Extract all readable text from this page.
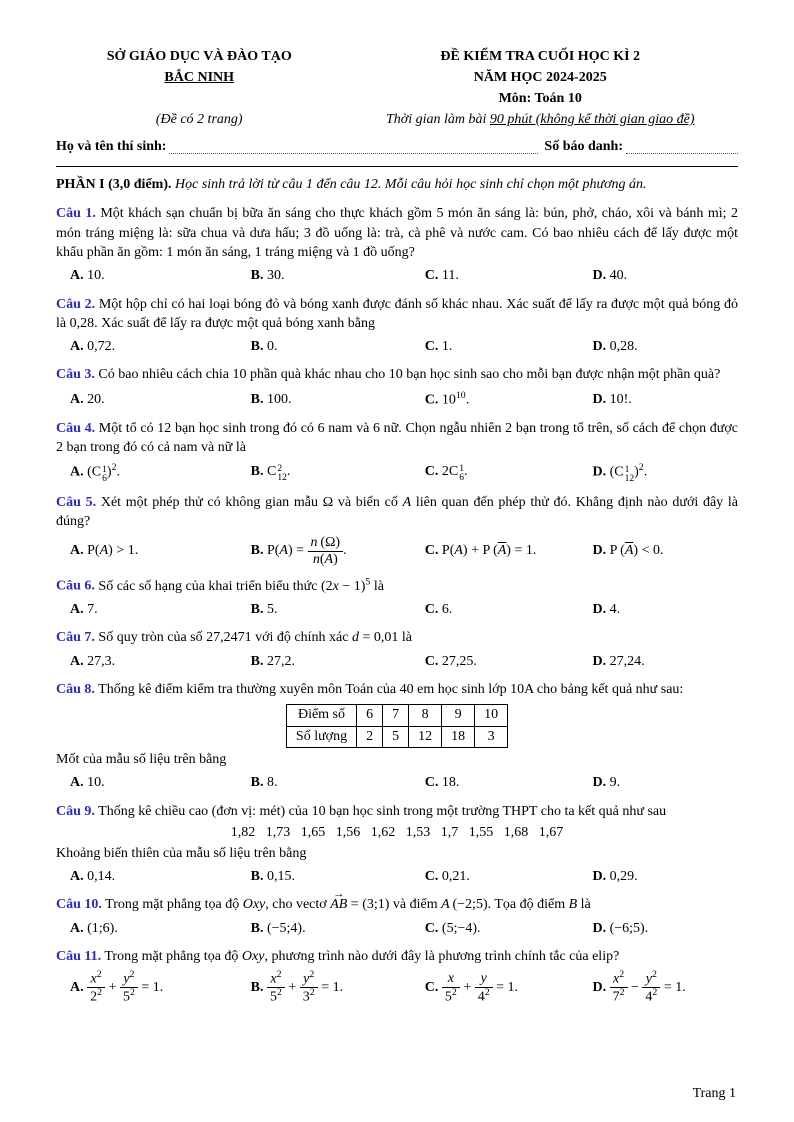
SỞ GIÁO DỤC VÀ ĐÀO TẠO
BẮC NINH
(Đề có 2 trang)
ĐỀ KIỂM TRA CUỐI HỌC KÌ 2
NĂM HỌC 2024-2025
Môn: Toán 10
Thời gian làm bài 90 phút (không kể thời gian giao đề)
Họ và tên thí sinh:	Số báo danh:

PHẦN I (3,0 điểm). Học sinh trả lời từ câu 1 đến câu 12. Mỗi câu hỏi học sinh chỉ chọn một phương án.

Câu 1. Một khách sạn chuẩn bị bữa ăn sáng cho thực khách gồm 5 món ăn sáng là: bún, phở, cháo, xôi và bánh mì; 2 món tráng miệng là: sữa chua và dưa hấu; 3 đồ uống là: trà, cà phê và nước cam. Có bao nhiêu cách để lấy được một khẩu phần ăn gồm: 1 món ăn sáng, 1 tráng miệng và 1 đồ uống?

A. 10.	B. 30.	C. 11.	D. 40.

Câu 2. Một hộp chỉ có hai loại bóng đỏ và bóng xanh được đánh số khác nhau. Xác suất để lấy ra được một quả bóng đỏ là 0,28. Xác suất để lấy ra được một quả bóng xanh bằng

A. 0,72.	B. 0.	C. 1.	D. 0,28.

Câu 3. Có bao nhiêu cách chia 10 phần quà khác nhau cho 10 bạn học sinh sao cho mỗi bạn được nhận một phần quà?

A. 20.	B. 100.	C. $10^{10}$.	D. 10!.

Câu 4. Một tổ có 12 bạn học sinh trong đó có 6 nam và 6 nữ. Chọn ngẫu nhiên 2 bạn trong tổ trên, số cách để chọn được 2 bạn trong đó có cả nam và nữ là

A. (C 1
6 )$^2$.	B. C 2
12 .	C. 2C 1
6 .	D. (C 1
12 )$^2$.

Câu 5. Xét một phép thử có không gian mẫu Ω và biến cố A liên quan đến phép thử đó. Khẳng định nào dưới đây là đúng?

A. P(A) > 1.	B. $P(A) = \frac{n (\Omega)}{n(A)}$ .	C. P(A) + P $(\overline{A}) = 1$.	D. P $(\overline{A}) < 0$.

Câu 6. Số các số hạng của khai triển biểu thức $(2x - 1)^5$ là

A. 7.	B. 5.	C. 6.	D. 4.

Câu 7. Số quy tròn của số 27,2471 với độ chính xác d = 0,01 là

A. 27,3.	B. 27,2.	C. 27,25.	D. 27,24.

Câu 8. Thống kê điểm kiểm tra thường xuyên môn Toán của 40 em học sinh lớp 10A cho bảng kết quả như sau:

Điểm số	6	7	8	9	10
Số lượng	2	5	12	18	3

Mốt của mẫu số liệu trên bằng

A. 10.	B. 8.	C. 18.	D. 9.

Câu 9. Thống kê chiều cao (đơn vị: mét) của 10 bạn học sinh trong một trường THPT cho ta kết quả như sau

1,82   1,73   1,65   1,56   1,62   1,53   1,7   1,55   1,68   1,67

Khoảng biến thiên của mẫu số liệu trên bằng

A. 0,14.	B. 0,15.	C. 0,21.	D. 0,29.

Câu 10. Trong mặt phẳng tọa độ Oxy, cho vectơ → AB = (3;1) và điểm A (−2;5). Tọa độ điểm B là

A. (1;6).	B. (−5;4).	C. (5;−4).	D. (−6;5).

Câu 11. Trong mặt phẳng tọa độ Oxy, phương trình nào dưới đây là phương trình chính tắc của elip?

A. $\frac{x^2}{2^2} + \frac{y^2}{5^2} = 1$.	B. $\frac{x^2}{5^2} + \frac{y^2}{3^2} = 1$.	C. $\frac{x}{5^2} + \frac{y}{4^2} = 1$.	D. $\frac{x^2}{7^2} - \frac{y^2}{4^2} = 1$.
Trang 1
